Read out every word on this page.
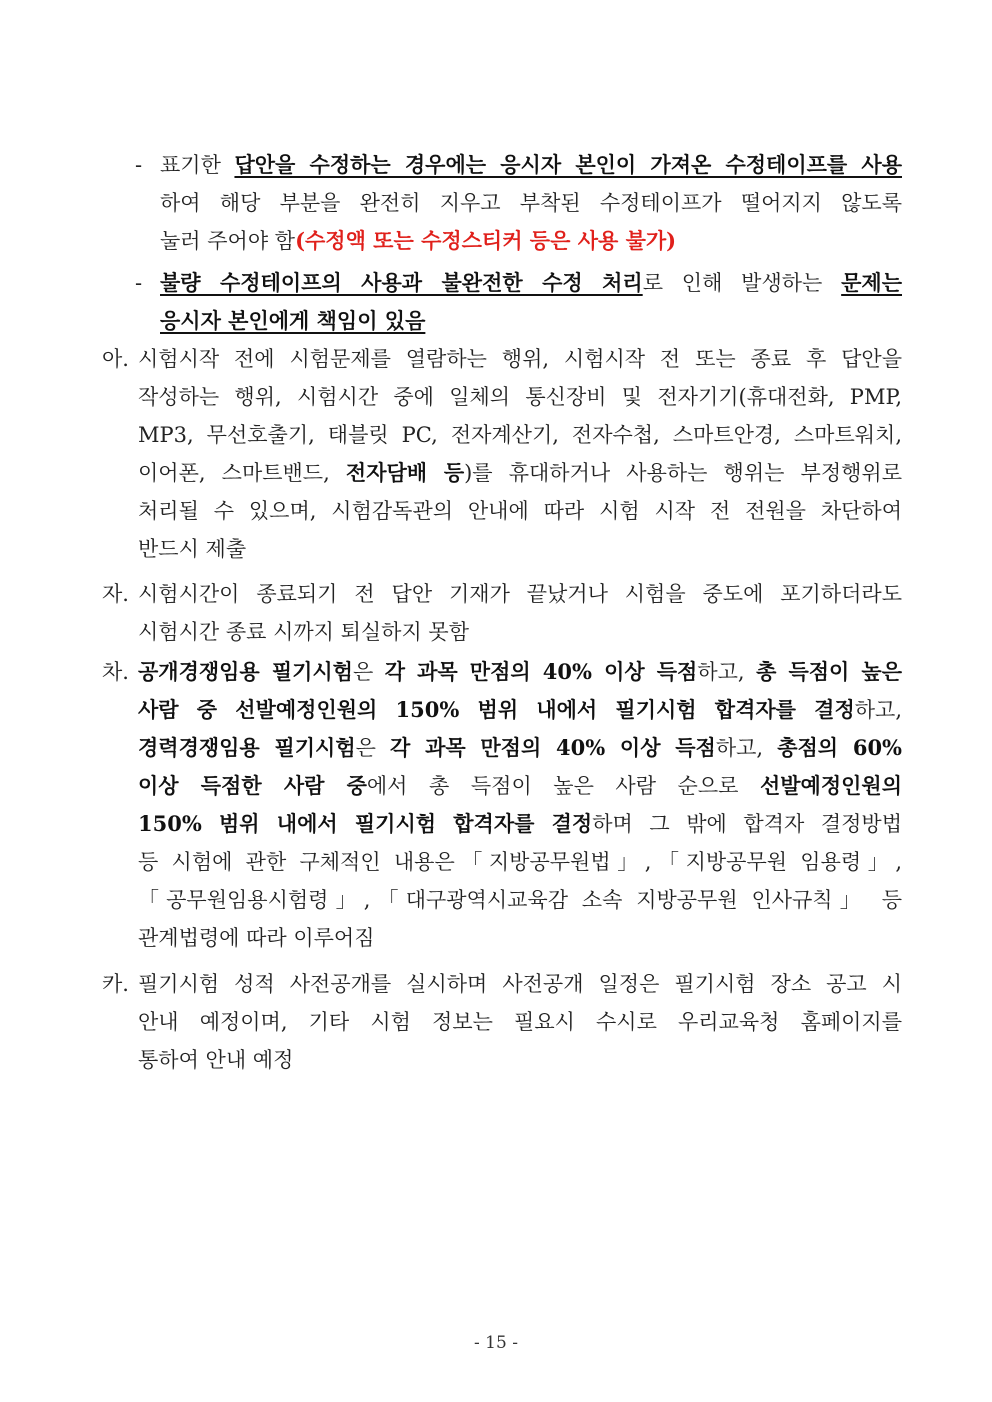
- 표기한 답안을 수정하는 경우에는 응시자 본인이 가져온 수정테이프를 사용
하여 해당 부분을 완전히 지우고 부착된 수정테이프가 떨어지지 않도록
눌러 주어야 함(수정액 또는 수정스티커 등은 사용 불가)
- 불량 수정테이프의 사용과 불완전한 수정 처리로 인해 발생하는 문제는
응시자 본인에게 책임이 있음
아. 시험시작 전에 시험문제를 열람하는 행위, 시험시작 전 또는 종료 후 답안을
작성하는 행위, 시험시간 중에 일체의 통신장비 및 전자기기(휴대전화, PMP,
MP3, 무선호출기, 태블릿 PC, 전자계산기, 전자수첩, 스마트안경, 스마트워치,
이어폰, 스마트밴드, 전자담배 등)를 휴대하거나 사용하는 행위는 부정행위로
처리될 수 있으며, 시험감독관의 안내에 따라 시험 시작 전 전원을 차단하여
반드시 제출
자. 시험시간이 종료되기 전 답안 기재가 끝났거나 시험을 중도에 포기하더라도
시험시간 종료 시까지 퇴실하지 못함
차. 공개경쟁임용 필기시험은 각 과목 만점의 40% 이상 득점하고, 총 득점이 높은
사람 중 선발예정인원의 150% 범위 내에서 필기시험 합격자를 결정하고,
경력경쟁임용 필기시험은 각 과목 만점의 40% 이상 득점하고, 총점의 60%
이상 득점한 사람 중에서 총 득점이 높은 사람 순으로 선발예정인원의
150% 범위 내에서 필기시험 합격자를 결정하며 그 밖에 합격자 결정방법
등 시험에 관한 구체적인 내용은「지방공무원법」,「지방공무원 임용령」,
「공무원임용시험령」,「대구광역시교육감 소속 지방공무원 인사규칙」 등
관계법령에 따라 이루어짐
카. 필기시험 성적 사전공개를 실시하며 사전공개 일정은 필기시험 장소 공고 시
안내 예정이며, 기타 시험 정보는 필요시 수시로 우리교육청 홈페이지를
통하여 안내 예정
- 15 -
